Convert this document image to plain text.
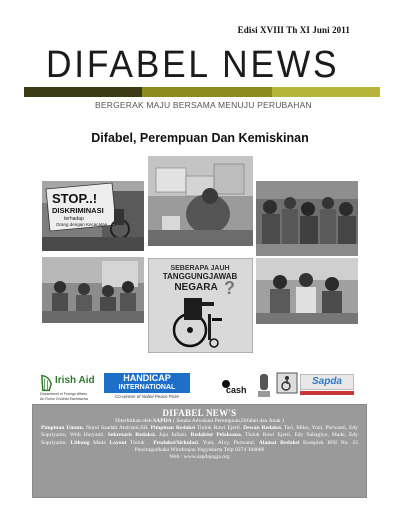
Edisi XVIII Th XI Juni 2011
DIFABEL NEWS
BERGERAK MAJU BERSAMA MENUJU PERUBAHAN
Difabel, Perempuan Dan Kemiskinan
STOP..!
DISKRIMINASI
terhadap
Orang dengan Kecacatan
SEBERAPA JAUH
TANGGUNGJAWAB
NEGARA ?
Irish Aid
Department of Foreign Affairs
An Roinn Gnóthaí Eachtracha
HANDICAP
INTERNATIONAL
Co-winner of Nobel Peace Prize
cash
Sapda
DIFABEL NEW'S
Diterbitkan oleh SAPDA ( Sentra Advokasi Perempuan,Difabel dan Anak )
Pimpinan Umum. Nurul Saadah Andriani,SH. Pimpinan Redaksi Tiolok Rawi Ejerti. Dewan Redaksi. Tari, Miko, Yuni, Purwanti, Edy Supriyanto, Widi Haryanti. Sekretaris Redaksi. Juju Juliani. Redaktur Pelaksana. Tiolok Rawi Ejerti, Edy Subagiyo, Made, Edy Supriyanto. Litbang Made Layout Tiolok . Produksi/Sirkulasi. Yuni, Alvy, Purwanti. Alamat Redaksi Komplek BNI No. 25 Pawiragodhaka Wirobrajan Yogyakarta Telp 0274 384066
Web : www.sapdajogja.org
